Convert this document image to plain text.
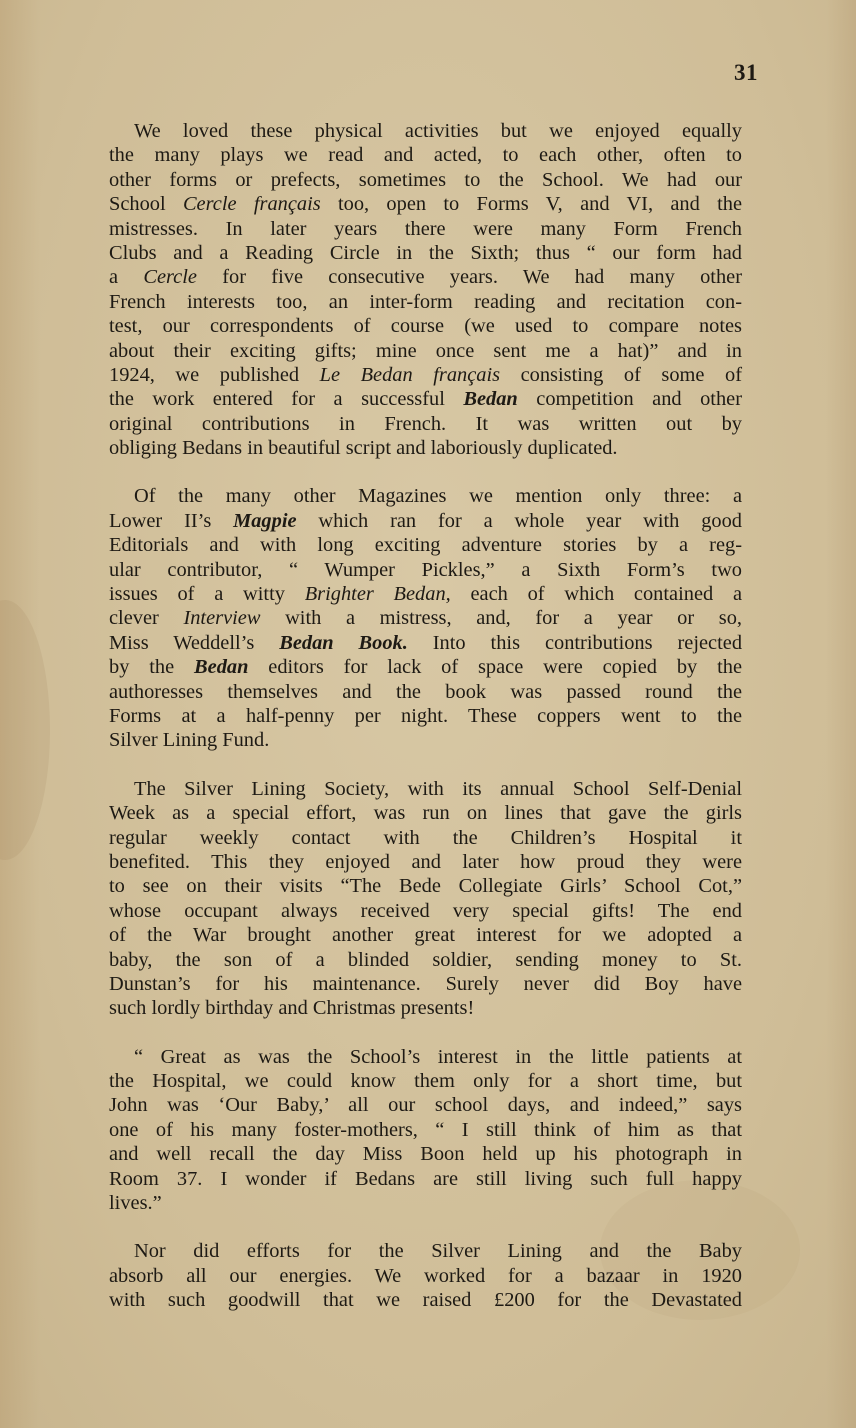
31
We loved these physical activities but we enjoyed equally
the many plays we read and acted, to each other, often to
other forms or prefects, sometimes to the School. We had our
School Cercle français too, open to Forms V, and VI, and the
mistresses. In later years there were many Form French
Clubs and a Reading Circle in the Sixth; thus “ our form had
a Cercle for five consecutive years. We had many other
French interests too, an inter-form reading and recitation con-
test, our correspondents of course (we used to compare notes
about their exciting gifts; mine once sent me a hat)” and in
1924, we published Le Bedan français consisting of some of
the work entered for a successful Bedan competition and other
original contributions in French. It was written out by
obliging Bedans in beautiful script and laboriously duplicated.
Of the many other Magazines we mention only three: a
Lower II’s Magpie which ran for a whole year with good
Editorials and with long exciting adventure stories by a reg-
ular contributor, “ Wumper Pickles,” a Sixth Form’s two
issues of a witty Brighter Bedan, each of which contained a
clever Interview with a mistress, and, for a year or so,
Miss Weddell’s Bedan Book. Into this contributions rejected
by the Bedan editors for lack of space were copied by the
authoresses themselves and the book was passed round the
Forms at a half-penny per night. These coppers went to the
Silver Lining Fund.
The Silver Lining Society, with its annual School Self-Denial
Week as a special effort, was run on lines that gave the girls
regular weekly contact with the Children’s Hospital it
benefited. This they enjoyed and later how proud they were
to see on their visits “The Bede Collegiate Girls’ School Cot,”
whose occupant always received very special gifts! The end
of the War brought another great interest for we adopted a
baby, the son of a blinded soldier, sending money to St.
Dunstan’s for his maintenance. Surely never did Boy have
such lordly birthday and Christmas presents!
“ Great as was the School’s interest in the little patients at
the Hospital, we could know them only for a short time, but
John was ‘Our Baby,’ all our school days, and indeed,” says
one of his many foster-mothers, “ I still think of him as that
and well recall the day Miss Boon held up his photograph in
Room 37. I wonder if Bedans are still living such full happy
lives.”
Nor did efforts for the Silver Lining and the Baby
absorb all our energies. We worked for a bazaar in 1920
with such goodwill that we raised £200 for the Devastated
